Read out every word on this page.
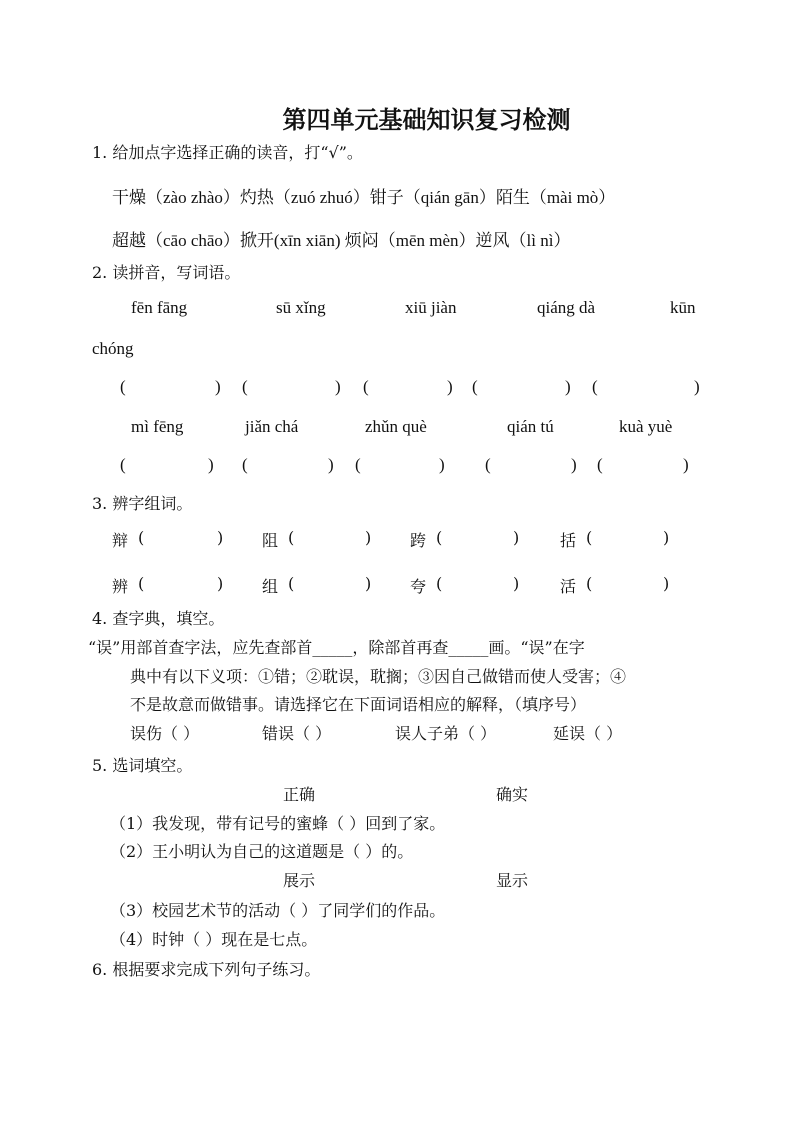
第四单元基础知识复习检测
1. 给加点字选择正确的读音，打“√”。
干燥（zào zhào）灼热（zuó zhuó）钳子（qián gān）陌生（mài mò）
超越（cāo chāo）掀开(xīn xiān) 烦闷（mēn mèn）逆风（lì nì）
2. 读拼音，写词语。
fēn fāng	sū xǐng	xiū jiàn	qiáng dà	kūn
chóng
(	) (	) (	) (	) (	)
mì fēng	jiǎn chá	zhǔn què	qián tú	kuà yuè
(	) (	) (	) (	) (	)
3. 辨字组词。
辩 (	) 阻 (	) 跨 (	)	括 (	)
辨 (	) 组 (	) 夸 (	)	活 (	)
4. 查字典，填空。
“误”用部首查字法，应先查部首_____，除部首再查_____画。“误”在字
典中有以下义项：①错；②耽误，耽搁；③因自己做错而使人受害；④
不是故意而做错事。请选择它在下面词语相应的解释，（填序号）
误伤（ ）	错误（ ）	误人子弟（ ）	延误（ ）
5. 选词填空。
正确	确实
（1）我发现，带有记号的蜜蜂（ ）回到了家。
（2）王小明认为自己的这道题是（ ）的。
展示	显示
（3）校园艺术节的活动（ ）了同学们的作品。
（4）时钟（ ）现在是七点。
6. 根据要求完成下列句子练习。
